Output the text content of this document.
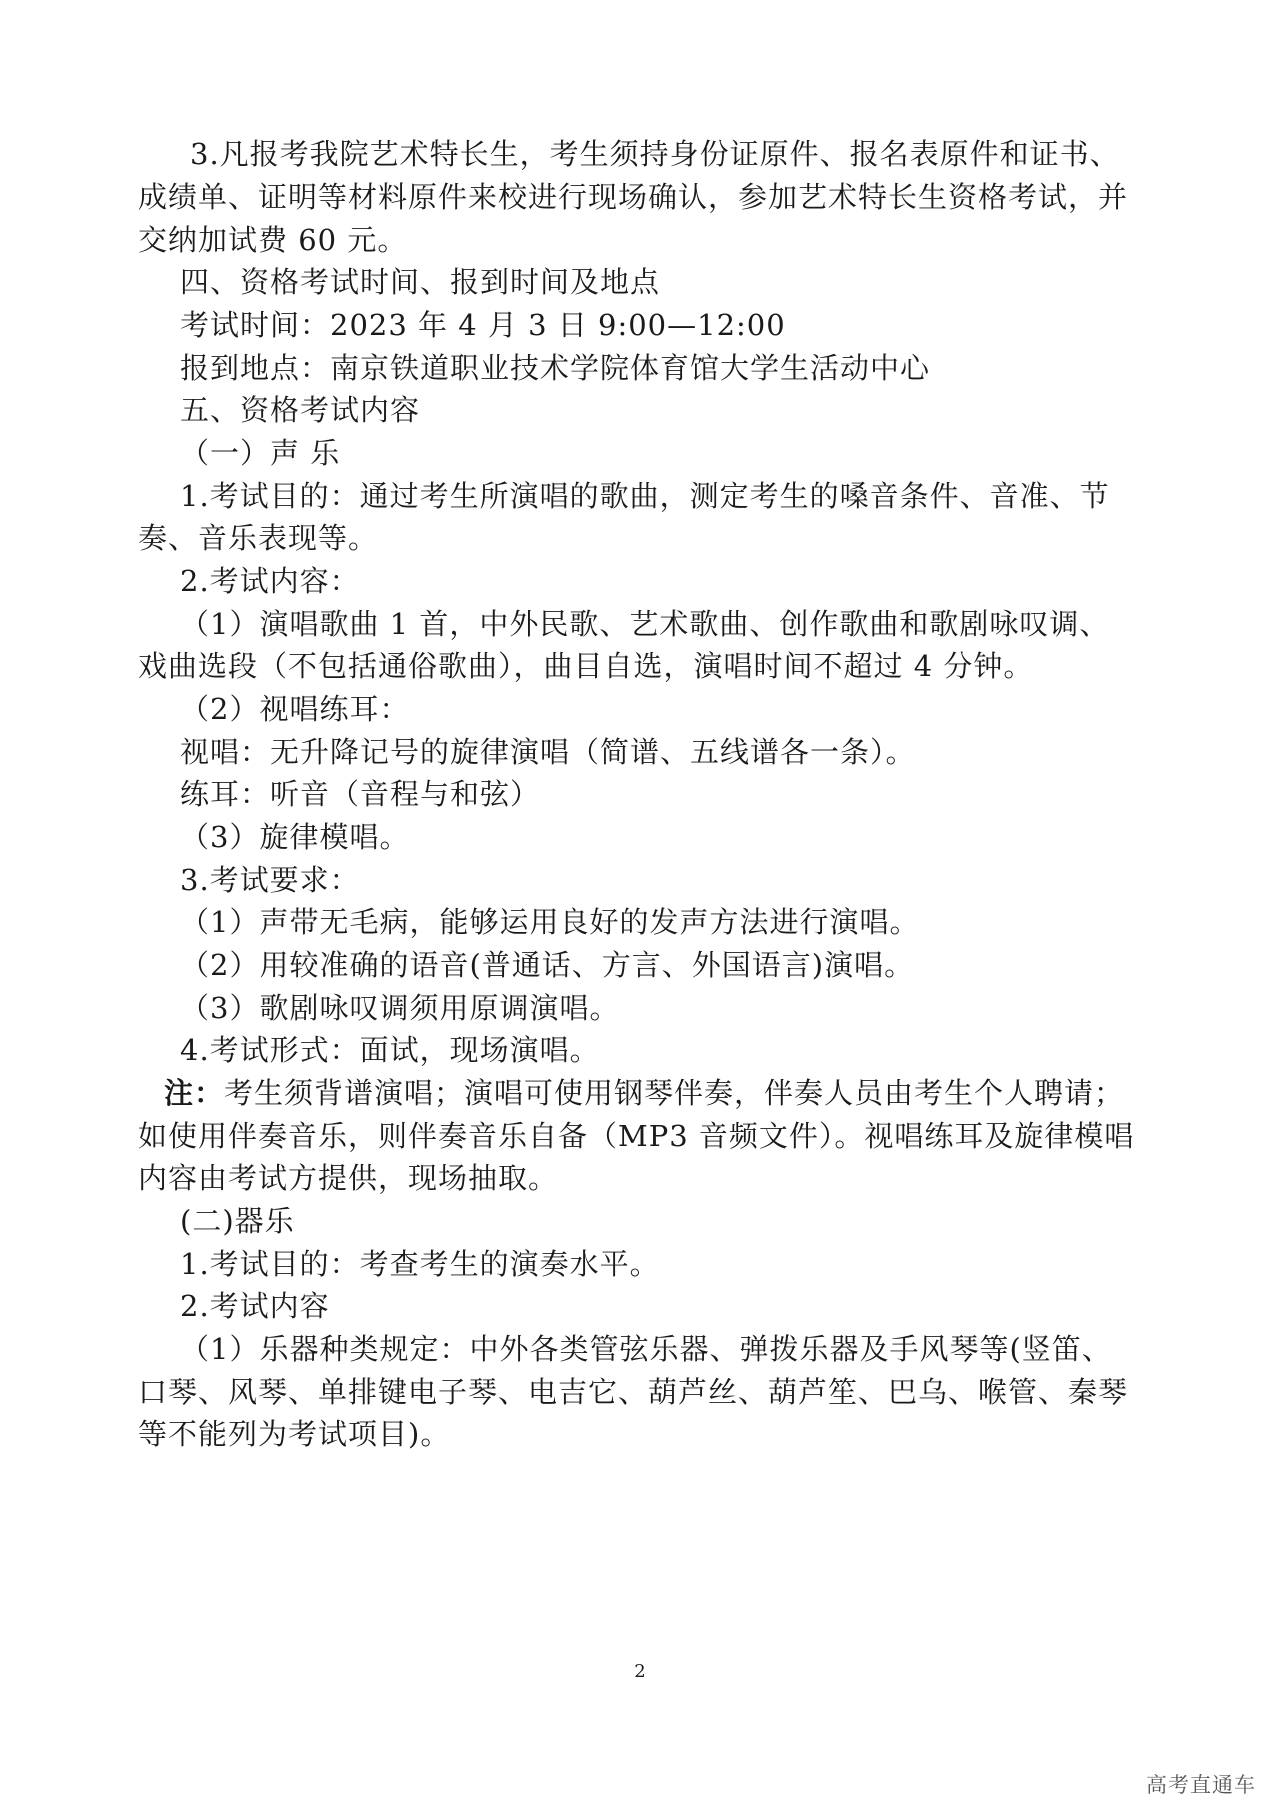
3.凡报考我院艺术特长生，考生须持身份证原件、报名表原件和证书、
成绩单、证明等材料原件来校进行现场确认，参加艺术特长生资格考试，并
交纳加试费 60 元。
四、资格考试时间、报到时间及地点
考试时间：2023 年 4 月 3 日 9:00—12:00
报到地点：南京铁道职业技术学院体育馆大学生活动中心
五、资格考试内容
（一）声 乐
1.考试目的：通过考生所演唱的歌曲，测定考生的嗓音条件、音准、节
奏、音乐表现等。
2.考试内容：
（1）演唱歌曲 1 首，中外民歌、艺术歌曲、创作歌曲和歌剧咏叹调、
戏曲选段（不包括通俗歌曲），曲目自选，演唱时间不超过 4 分钟。
（2）视唱练耳：
视唱：无升降记号的旋律演唱（简谱、五线谱各一条）。
练耳：听音（音程与和弦）
（3）旋律模唱。
3.考试要求：
（1）声带无毛病，能够运用良好的发声方法进行演唱。
（2）用较准确的语音(普通话、方言、外国语言)演唱。
（3）歌剧咏叹调须用原调演唱。
4.考试形式：面试，现场演唱。
注：考生须背谱演唱；演唱可使用钢琴伴奏，伴奏人员由考生个人聘请；
如使用伴奏音乐，则伴奏音乐自备（MP3 音频文件）。视唱练耳及旋律模唱
内容由考试方提供，现场抽取。
(二)器乐
1.考试目的：考查考生的演奏水平。
2.考试内容
（1）乐器种类规定：中外各类管弦乐器、弹拨乐器及手风琴等(竖笛、
口琴、风琴、单排键电子琴、电吉它、葫芦丝、葫芦笙、巴乌、喉管、秦琴
等不能列为考试项目)。
2
高考直通车
